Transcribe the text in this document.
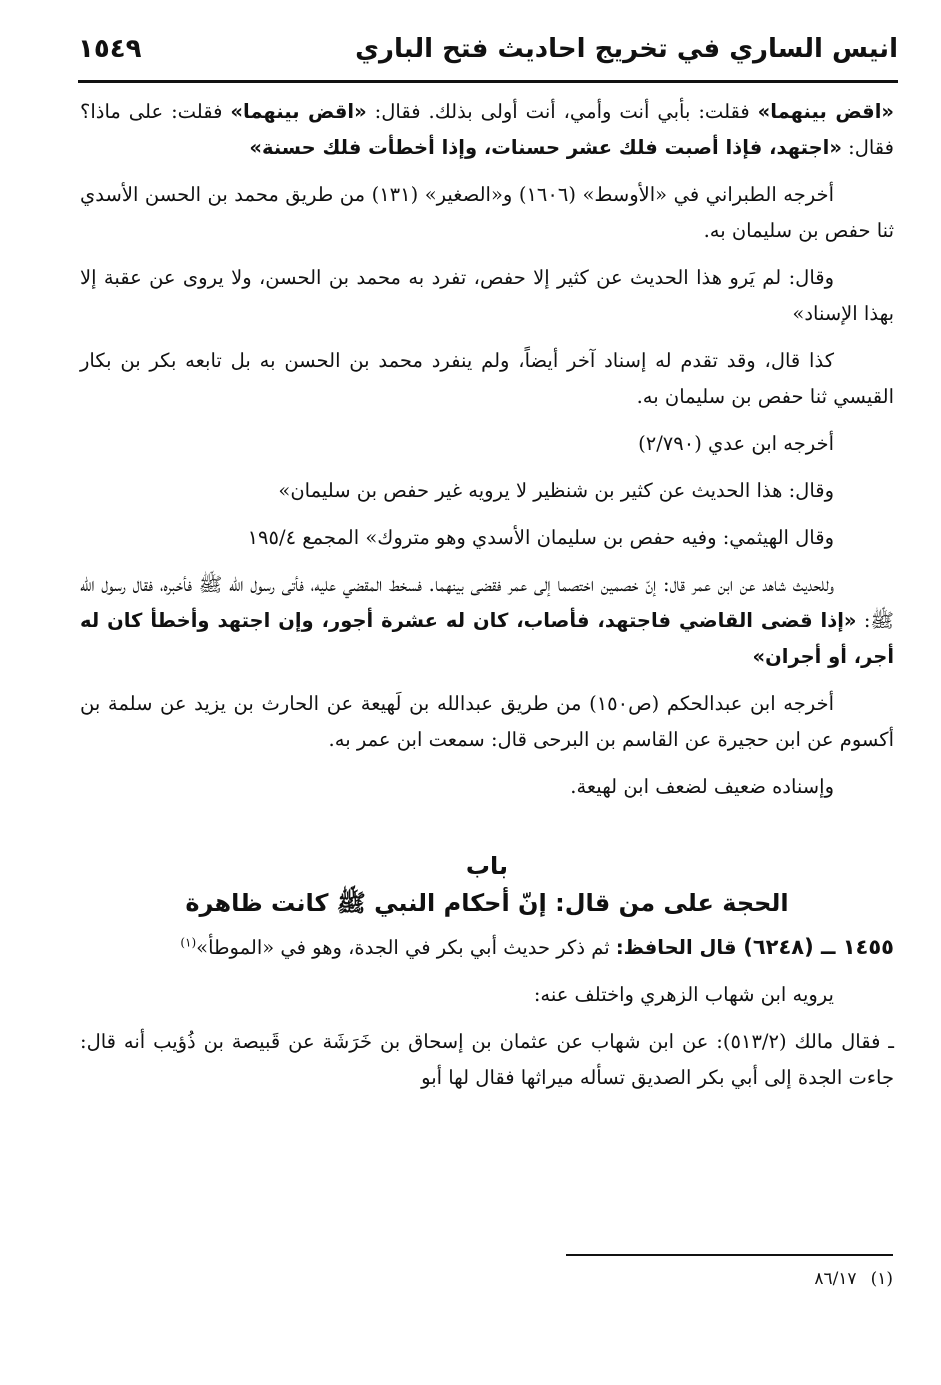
انيس الساري في تخريج احاديث فتح الباري
١٥٤٩

«اقض بينهما» فقلت: بأبي أنت وأمي، أنت أولى بذلك. فقال: «اقض بينهما» فقلت: على ماذا؟ فقال: «اجتهد، فإذا أصبت فلك عشر حسنات، وإذا أخطأت فلك حسنة»

أخرجه الطبراني في «الأوسط» (١٦٠٦) و«الصغير» (١٣١) من طريق محمد بن الحسن الأسدي ثنا حفص بن سليمان به.

وقال: لم يَرو هذا الحديث عن كثير إلا حفص، تفرد به محمد بن الحسن، ولا يروى عن عقبة إلا بهذا الإسناد»

كذا قال، وقد تقدم له إسناد آخر أيضاً، ولم ينفرد محمد بن الحسن به بل تابعه بكر بن بكار القيسي ثنا حفص بن سليمان به.

أخرجه ابن عدي (٢/٧٩٠)

وقال: هذا الحديث عن كثير بن شنظير لا يرويه غير حفص بن سليمان»

وقال الهيثمي: وفيه حفص بن سليمان الأسدي وهو متروك» المجمع ١٩٥/٤

وللحديث شاهد عن ابن عمر قال: إنّ خصمين اختصما إلى عمر فقضى بينهما. فسخط المقضي عليه، فأتى رسول الله ﷺ فأخبره، فقال رسول الله ﷺ: «إذا قضى القاضي فاجتهد، فأصاب، كان له عشرة أجور، وإن اجتهد وأخطأ كان له أجر، أو أجران»

أخرجه ابن عبدالحكم (ص١٥٠) من طريق عبدالله بن لَهيعة عن الحارث بن يزيد عن سلمة بن أكسوم عن ابن حجيرة عن القاسم بن البرحى قال: سمعت ابن عمر به.

وإسناده ضعيف لضعف ابن لهيعة.

باب
الحجة على من قال: إنّ أحكام النبي ﷺ كانت ظاهرة

١٤٥٥ ــ (٦٢٤٨) قال الحافظ: ثم ذكر حديث أبي بكر في الجدة، وهو في «الموطأ»$^{(١)}$

يرويه ابن شهاب الزهري واختلف عنه:

ـ فقال مالك (٥١٣/٢): عن ابن شهاب عن عثمان بن إسحاق بن خَرَشَة عن قَبيصة بن ذُؤيب أنه قال: جاءت الجدة إلى أبي بكر الصديق تسأله ميراثها فقال لها أبو

(١)٨٦/١٧
